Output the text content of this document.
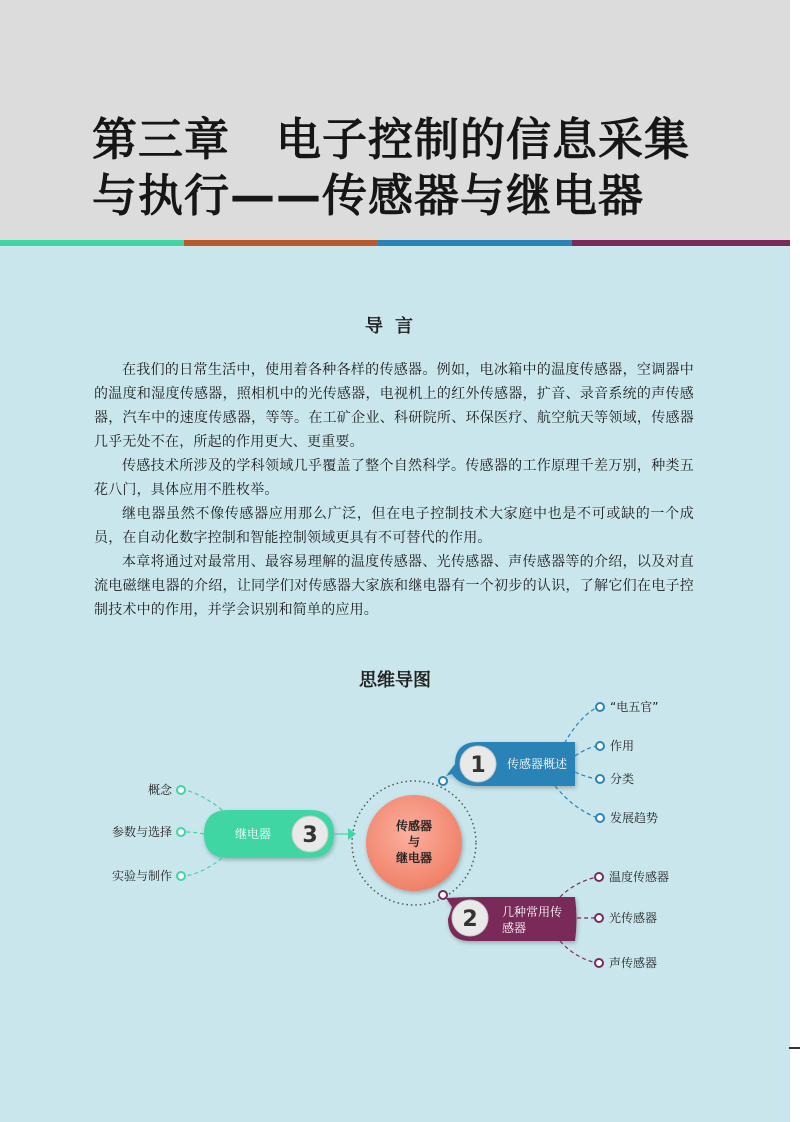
第三章　电子控制的信息采集
与执行——传感器与继电器
导言

在我们的日常生活中，使用着各种各样的传感器。例如，电冰箱中的温度传感器，空调器中的温度和湿度传感器，照相机中的光传感器，电视机上的红外传感器，扩音、录音系统的声传感器，汽车中的速度传感器，等等。在工矿企业、科研院所、环保医疗、航空航天等领域，传感器几乎无处不在，所起的作用更大、更重要。

传感技术所涉及的学科领域几乎覆盖了整个自然科学。传感器的工作原理千差万别，种类五花八门，具体应用不胜枚举。

继电器虽然不像传感器应用那么广泛，但在电子控制技术大家庭中也是不可或缺的一个成员，在自动化数字控制和智能控制领域更具有不可替代的作用。

本章将通过对最常用、最容易理解的温度传感器、光传感器、声传感器等的介绍，以及对直流电磁继电器的介绍，让同学们对传感器大家族和继电器有一个初步的认识，了解它们在电子控制技术中的作用，并学会识别和简单的应用。

思维导图
传感器
与
继电器
1 传感器概述
“电五官”
作用
分类
发展趋势
2 几种常用传
感器
温度传感器
光传感器
声传感器
3
继电器
概念
参数与选择
实验与制作
